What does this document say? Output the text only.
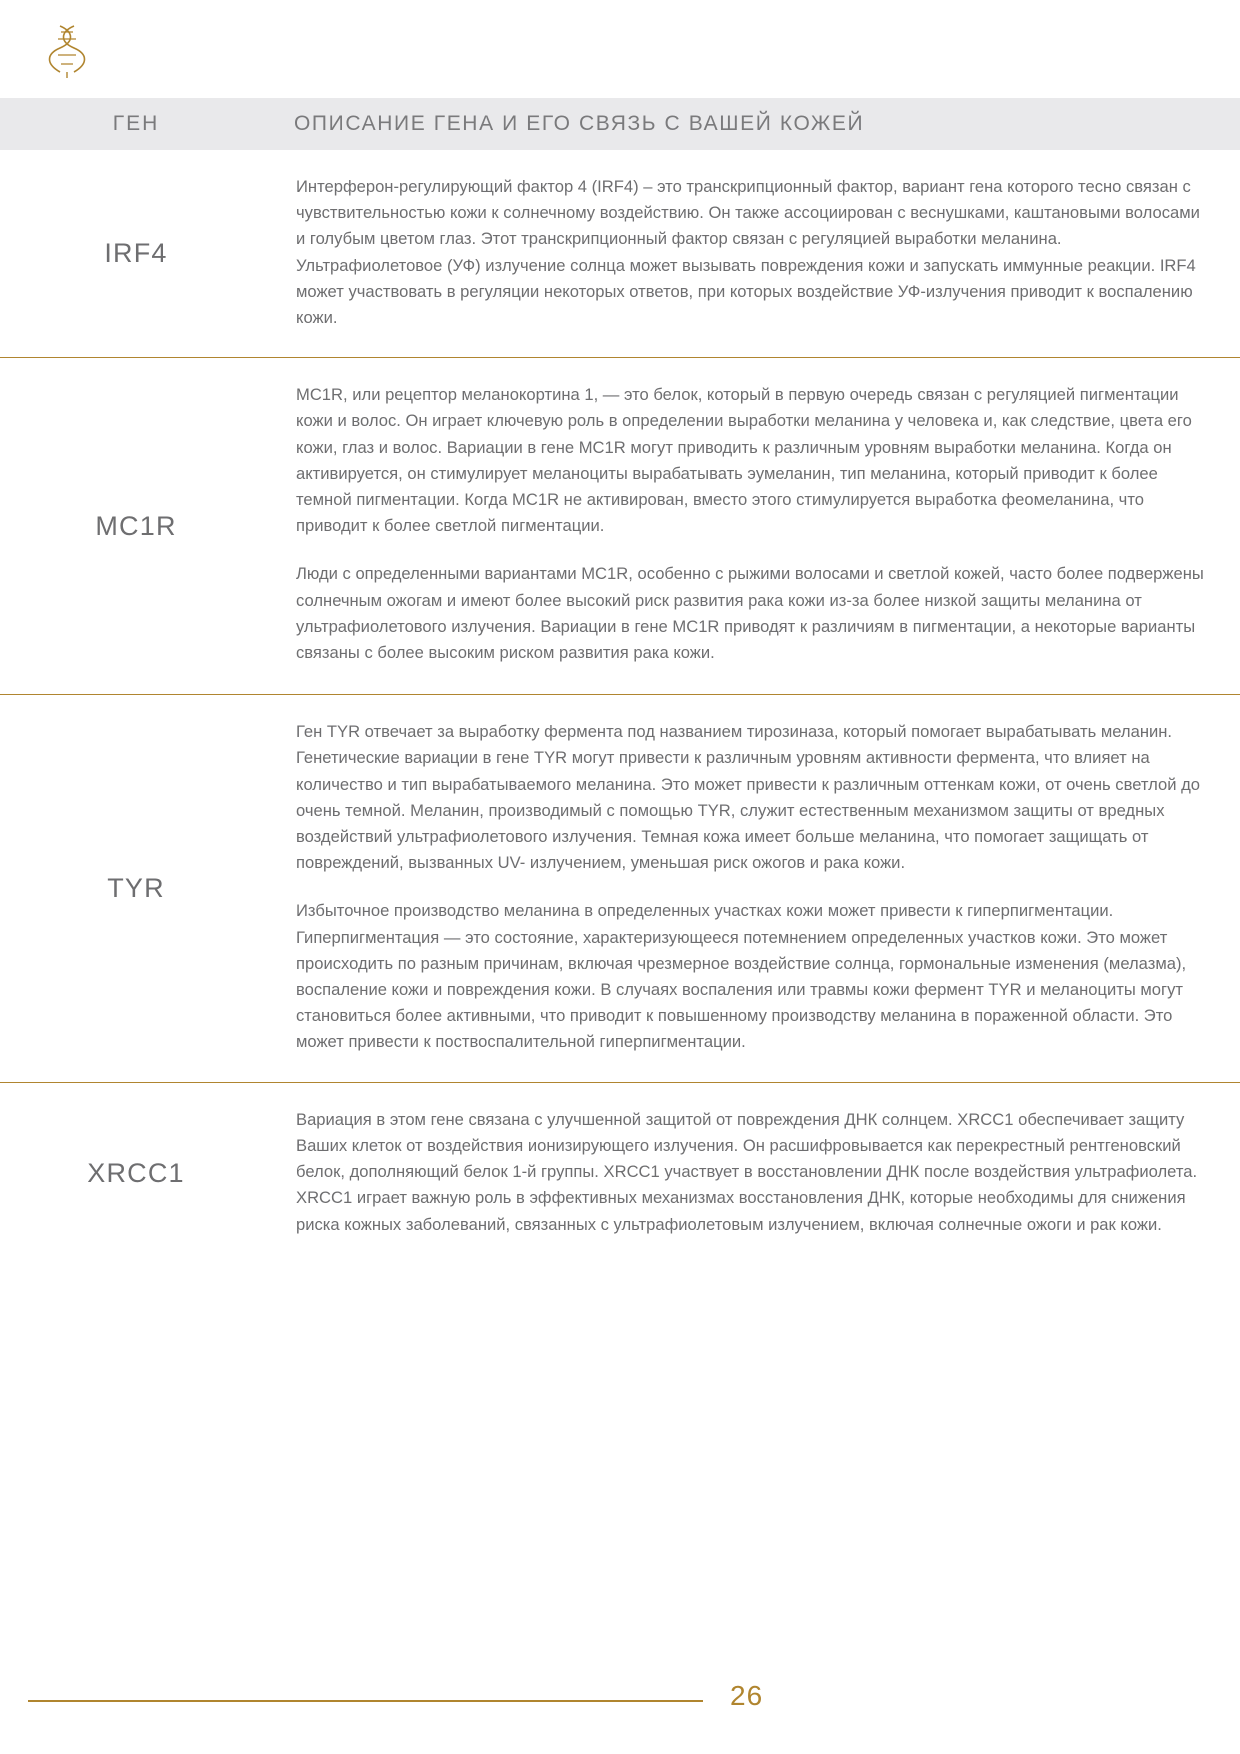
ГЕН	ОПИСАНИЕ ГЕНА И ЕГО СВЯЗЬ С ВАШЕЙ КОЖЕЙ
IRF4

Интерферон-регулирующий фактор 4 (IRF4) – это транскрипционный фактор, вариант гена которого тесно связан с чувствительностью кожи к солнечному воздействию. Он также ассоциирован с веснушками, каштановыми волосами и голубым цветом глаз. Этот транскрипционный фактор связан с регуляцией выработки меланина. Ультрафиолетовое (УФ) излучение солнца может вызывать повреждения кожи и запускать иммунные реакции. IRF4 может участвовать в регуляции некоторых ответов, при которых воздействие УФ-излучения приводит к воспалению кожи.

MC1R

MC1R, или рецептор меланокортина 1, — это белок, который в первую очередь связан с регуляцией пигментации кожи и волос. Он играет ключевую роль в определении выработки меланина у человека и, как следствие, цвета его кожи, глаз и волос. Вариации в гене MC1R могут приводить к различным уровням выработки меланина. Когда он активируется, он стимулирует меланоциты вырабатывать эумеланин, тип меланина, который приводит к более темной пигментации. Когда MC1R не активирован, вместо этого стимулируется выработка феомеланина, что приводит к более светлой пигментации.

Люди с определенными вариантами MC1R, особенно с рыжими волосами и светлой кожей, часто более подвержены солнечным ожогам и имеют более высокий риск развития рака кожи из-за более низкой защиты меланина от ультрафиолетового излучения. Вариации в гене MC1R приводят к различиям в пигментации, а некоторые варианты связаны с более высоким риском развития рака кожи.

TYR

Ген TYR отвечает за выработку фермента под названием тирозиназа, который помогает вырабатывать меланин. Генетические вариации в гене TYR могут привести к различным уровням активности фермента, что влияет на количество и тип вырабатываемого меланина. Это может привести к различным оттенкам кожи, от очень светлой до очень темной. Меланин, производимый с помощью TYR, служит естественным механизмом защиты от вредных воздействий ультрафиолетового излучения. Темная кожа имеет больше меланина, что помогает защищать от повреждений, вызванных UV- излучением, уменьшая риск ожогов и рака кожи.

Избыточное производство меланина в определенных участках кожи может привести к гиперпигментации. Гиперпигментация — это состояние, характеризующееся потемнением определенных участков кожи. Это может происходить по разным причинам, включая чрезмерное воздействие солнца, гормональные изменения (мелазма), воспаление кожи и повреждения кожи. В случаях воспаления или травмы кожи фермент TYR и меланоциты могут становиться более активными, что приводит к повышенному производству меланина в пораженной области. Это может привести к поствоспалительной гиперпигментации.

XRCC1

Вариация в этом гене связана с улучшенной защитой от повреждения ДНК солнцем. XRCC1 обеспечивает защиту Ваших клеток от воздействия ионизирующего излучения. Он расшифровывается как перекрестный рентгеновский белок, дополняющий белок 1-й группы. XRCC1 участвует в восстановлении ДНК после воздействия ультрафиолета. XRCC1 играет важную роль в эффективных механизмах восстановления ДНК, которые необходимы для снижения риска кожных заболеваний, связанных с ультрафиолетовым излучением, включая солнечные ожоги и рак кожи.

26
